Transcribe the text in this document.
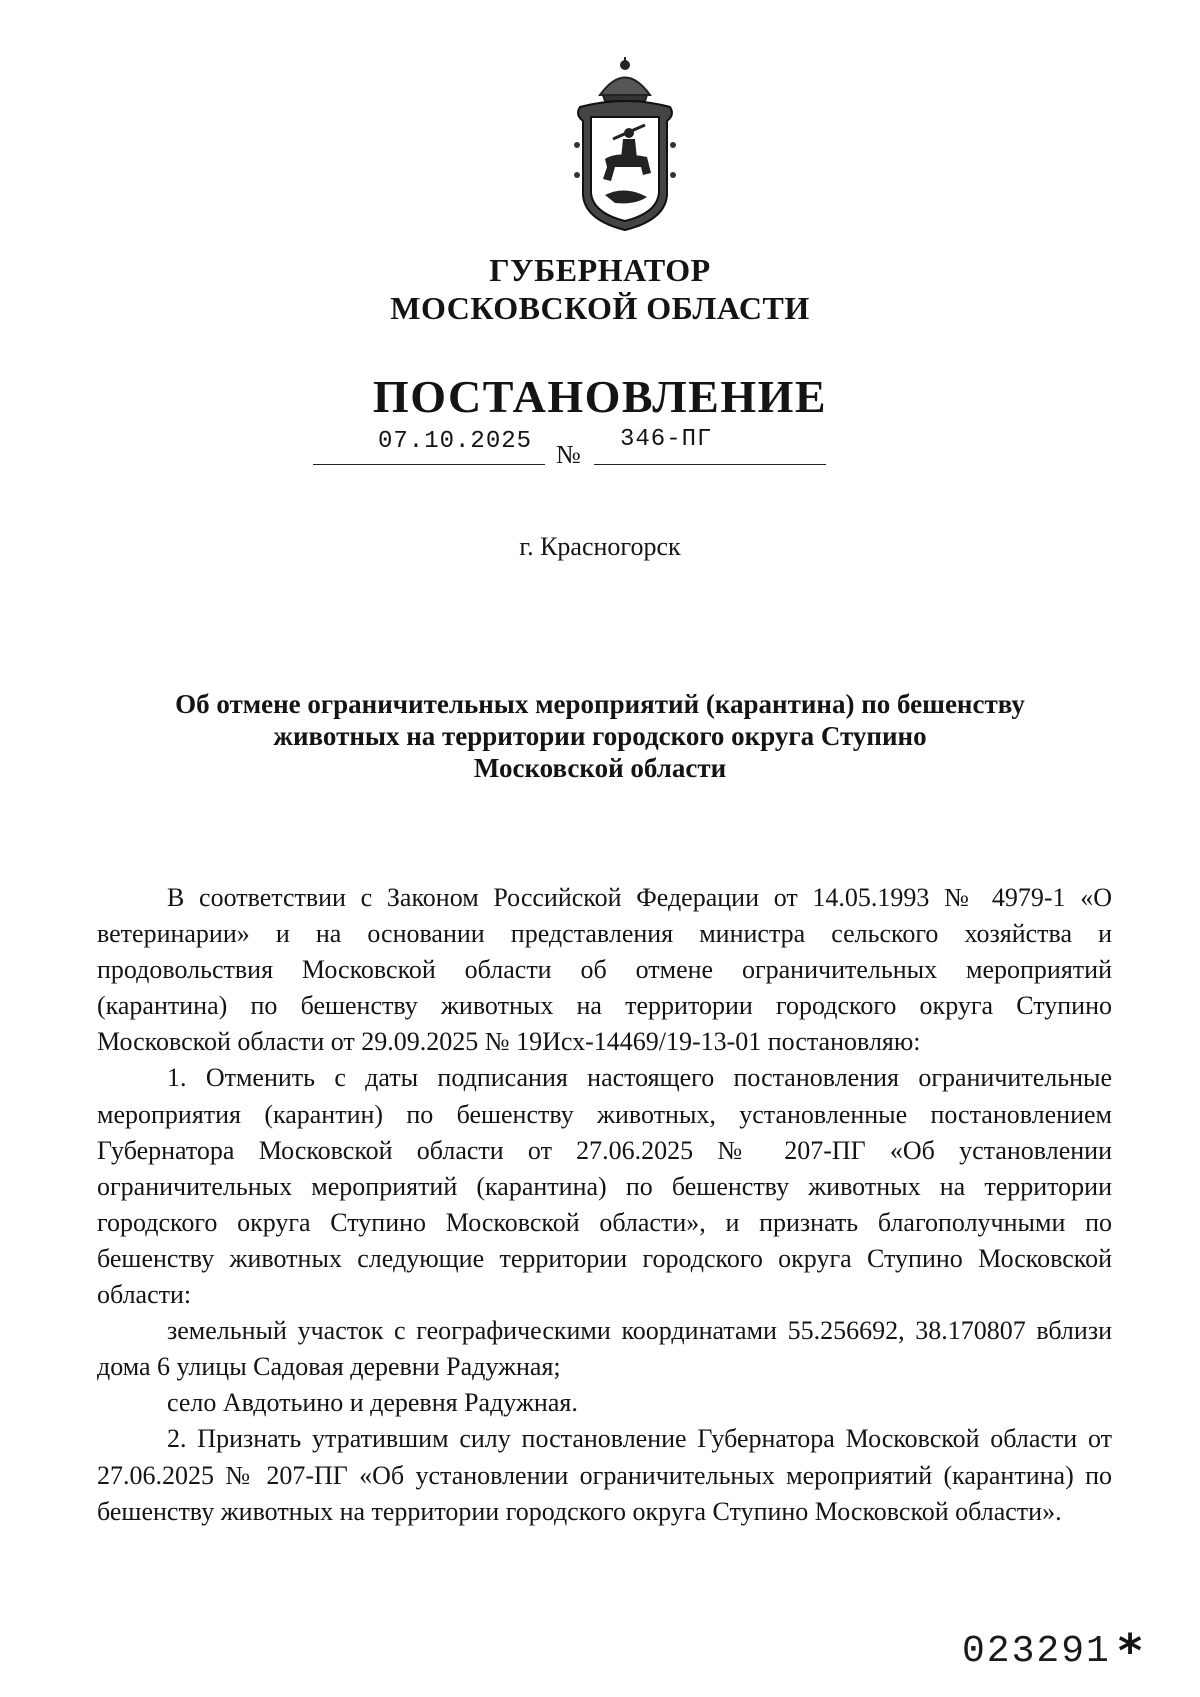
ГУБЕРНАТОР
МОСКОВСКОЙ ОБЛАСТИ
ПОСТАНОВЛЕНИЕ
07.10.2025 №
346-ПГ
г. Красногорск
Об отмене ограничительных мероприятий (карантина) по бешенству
животных на территории городского округа Ступино
Московской области

В соответствии с Законом Российской Федерации от 14.05.1993 № 4979-1 «О ветеринарии» и на основании представления министра сельского хозяйства и продовольствия Московской области об отмене ограничительных мероприятий (карантина) по бешенству животных на территории городского округа Ступино Московской области от 29.09.2025 № 19Исх-14469/19-13-01 постановляю:

1. Отменить с даты подписания настоящего постановления ограничительные мероприятия (карантин) по бешенству животных, установленные постановлением Губернатора Московской области от 27.06.2025 № 207-ПГ «Об установлении ограничительных мероприятий (карантина) по бешенству животных на территории городского округа Ступино Московской области», и признать благополучными по бешенству животных следующие территории городского округа Ступино Московской области:

земельный участок с географическими координатами 55.256692, 38.170807 вблизи дома 6 улицы Садовая деревни Радужная;

село Авдотьино и деревня Радужная.

2. Признать утратившим силу постановление Губернатора Московской области от 27.06.2025 № 207-ПГ «Об установлении ограничительных мероприятий (карантина) по бешенству животных на территории городского округа Ступино Московской области».

023291 *
